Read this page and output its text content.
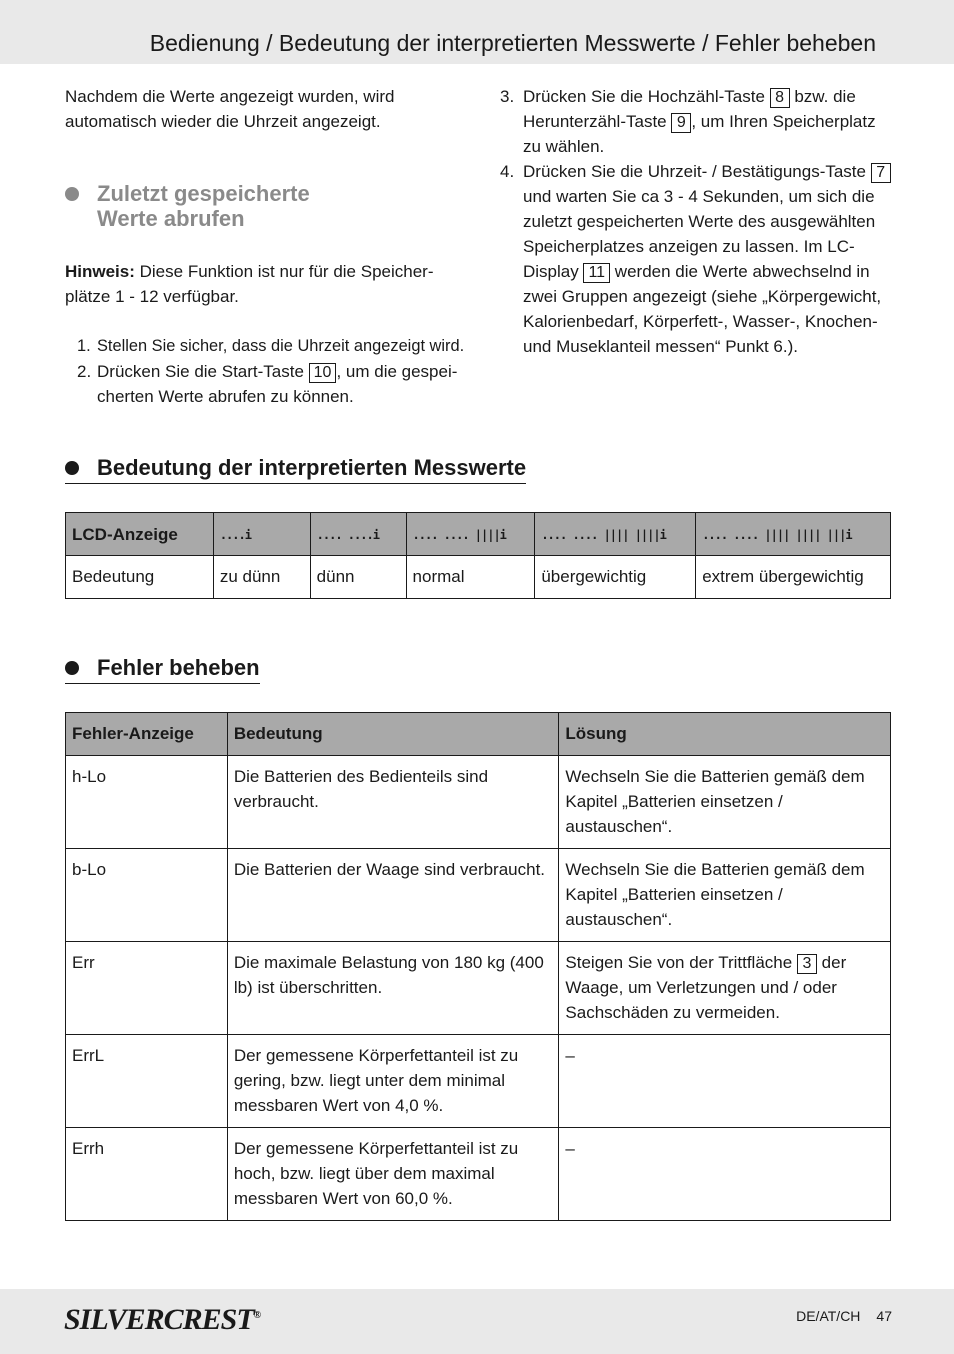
Bedienung / Bedeutung der interpretierten Messwerte / Fehler beheben

Nachdem die Werte angezeigt wurden, wird automatisch wieder die Uhrzeit angezeigt.

Zuletzt gespeicherte
Werte abrufen

Hinweis: Diese Funktion ist nur für die Speicher-plätze 1 - 12 verfügbar.

1. Stellen Sie sicher, dass die Uhrzeit angezeigt wird.
2. Drücken Sie die Start-Taste 10 , um die gespei-cherten Werte abrufen zu können.
3. Drücken Sie die Hochzähl-Taste 8 bzw. die Herunterzähl-Taste 9 , um Ihren Speicherplatz zu wählen.
4. Drücken Sie die Uhrzeit- / Bestätigungs-Taste 7 und warten Sie ca 3 - 4 Sekunden, um sich die zuletzt gespeicherten Werte des ausgewählten Speicherplatzes anzeigen zu lassen. Im LC-Display 11 werden die Werte abwechselnd in zwei Gruppen angezeigt (siehe „Körpergewicht, Kalorienbedarf, Körperfett-, Wasser-, Knochen- und Museklanteil messen“ Punkt 6.).
Bedeutung der interpretierten Messwerte
LCD-Anzeige	....i	.... ....i	.... .... ||||i	.... .... |||| ||||i	.... .... |||| |||| |||i
Bedeutung	zu dünn	dünn	normal	übergewichtig	extrem übergewichtig
Fehler beheben
Fehler-Anzeige	Bedeutung	Lösung
h-Lo	Die Batterien des Bedienteils sind verbraucht.	Wechseln Sie die Batterien gemäß dem Kapitel „Batterien einsetzen / austauschen“.
b-Lo	Die Batterien der Waage sind verbraucht.	Wechseln Sie die Batterien gemäß dem Kapitel „Batterien einsetzen / austauschen“.
Err	Die maximale Belastung von 180 kg (400 lb) ist überschritten.	Steigen Sie von der Trittfläche 3 der Waage, um Verletzungen und / oder Sachschäden zu vermeiden.
ErrL	Der gemessene Körperfettanteil ist zu gering, bzw. liegt unter dem minimal messbaren Wert von 4,0 %.	–
Errh	Der gemessene Körperfettanteil ist zu hoch, bzw. liegt über dem maximal messbaren Wert von 60,0 %.	–
SILVERCREST®	DE/AT/CH 47
